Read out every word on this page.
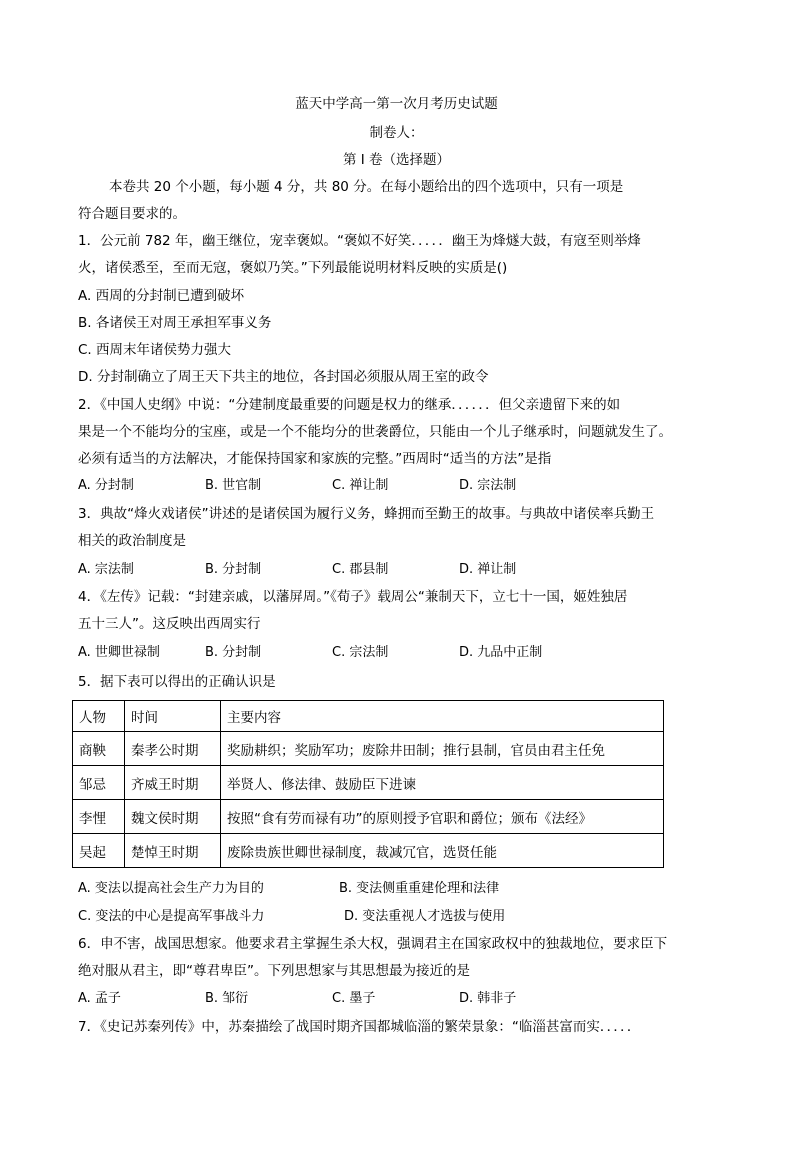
蓝天中学高一第一次月考历史试题
制卷人：
第 I 卷（选择题）
本卷共 20 个小题，每小题 4 分，共 80 分。在每小题给出的四个选项中，只有一项是
符合题目要求的。
1．公元前 782 年，幽王继位，宠幸褒姒。“褒姒不好笑．．．．．幽王为烽燧大鼓，有寇至则举烽
火，诸侯悉至，至而无寇，褒姒乃笑。”下列最能说明材料反映的实质是()
A. 西周的分封制已遭到破坏
B. 各诸侯王对周王承担军事义务
C. 西周末年诸侯势力强大
D. 分封制确立了周王天下共主的地位，各封国必须服从周王室的政令
2．《中国人史纲》中说：“分建制度最重要的问题是权力的继承．．．．．．但父亲遗留下来的如
果是一个不能均分的宝座，或是一个不能均分的世袭爵位，只能由一个儿子继承时，问题就发生了。
必须有适当的方法解决，才能保持国家和家族的完整。”西周时“适当的方法”是指
A. 分封制	B. 世官制	C. 禅让制	D. 宗法制
3．典故“烽火戏诸侯”讲述的是诸侯国为履行义务，蜂拥而至勤王的故事。与典故中诸侯率兵勤王
相关的政治制度是
A. 宗法制	B. 分封制	C. 郡县制	D. 禅让制
4．《左传》记载：“封建亲戚，以藩屏周。”《荀子》载周公“兼制天下，立七十一国，姬姓独居
五十三人”。这反映出西周实行
A. 世卿世禄制	B. 分封制	C. 宗法制	D. 九品中正制
5．据下表可以得出的正确认识是
人物	时间	主要内容
商鞅	秦孝公时期	奖励耕织；奖励军功；废除井田制；推行县制，官员由君主任免
邹忌	齐威王时期	举贤人、修法律、鼓励臣下进谏
李悝	魏文侯时期	按照“食有劳而禄有功”的原则授予官职和爵位；颁布《法经》
吴起	楚悼王时期	废除贵族世卿世禄制度，裁减冗官，选贤任能
A. 变法以提高社会生产力为目的	B. 变法侧重重建伦理和法律
C. 变法的中心是提高军事战斗力	D. 变法重视人才选拔与使用
6．申不害，战国思想家。他要求君主掌握生杀大权，强调君主在国家政权中的独裁地位，要求臣下
绝对服从君主，即“尊君卑臣”。下列思想家与其思想最为接近的是
A. 孟子	B. 邹衍	C. 墨子	D. 韩非子
7．《史记苏秦列传》中，苏秦描绘了战国时期齐国都城临淄的繁荣景象：“临淄甚富而实．．．．．
